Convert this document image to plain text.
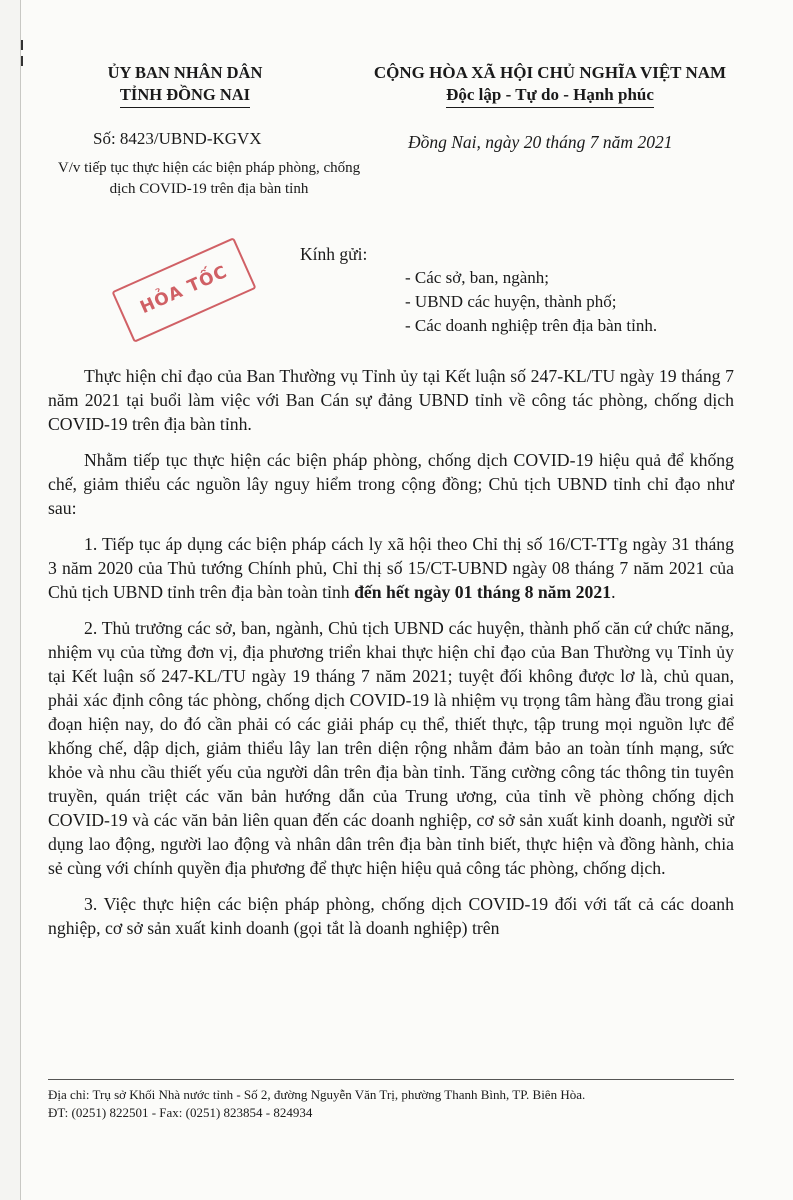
ỦY BAN NHÂN DÂN
TỈNH ĐỒNG NAI
CỘNG HÒA XÃ HỘI CHỦ NGHĨA VIỆT NAM
Độc lập - Tự do - Hạnh phúc
Số: 8423/UBND-KGVX
V/v tiếp tục thực hiện các biện pháp phòng, chống dịch COVID-19 trên địa bàn tỉnh
Đồng Nai, ngày 20 tháng 7 năm 2021
HỎA TỐC
Kính gửi:
- Các sở, ban, ngành;
- UBND các huyện, thành phố;
- Các doanh nghiệp trên địa bàn tỉnh.

Thực hiện chỉ đạo của Ban Thường vụ Tỉnh ủy tại Kết luận số 247-KL/TU ngày 19 tháng 7 năm 2021 tại buổi làm việc với Ban Cán sự đảng UBND tỉnh về công tác phòng, chống dịch COVID-19 trên địa bàn tỉnh.

Nhằm tiếp tục thực hiện các biện pháp phòng, chống dịch COVID-19 hiệu quả để khống chế, giảm thiểu các nguồn lây nguy hiểm trong cộng đồng; Chủ tịch UBND tỉnh chỉ đạo như sau:

1. Tiếp tục áp dụng các biện pháp cách ly xã hội theo Chỉ thị số 16/CT-TTg ngày 31 tháng 3 năm 2020 của Thủ tướng Chính phủ, Chỉ thị số 15/CT-UBND ngày 08 tháng 7 năm 2021 của Chủ tịch UBND tỉnh trên địa bàn toàn tỉnh đến hết ngày 01 tháng 8 năm 2021.

2. Thủ trưởng các sở, ban, ngành, Chủ tịch UBND các huyện, thành phố căn cứ chức năng, nhiệm vụ của từng đơn vị, địa phương triển khai thực hiện chỉ đạo của Ban Thường vụ Tỉnh ủy tại Kết luận số 247-KL/TU ngày 19 tháng 7 năm 2021; tuyệt đối không được lơ là, chủ quan, phải xác định công tác phòng, chống dịch COVID-19 là nhiệm vụ trọng tâm hàng đầu trong giai đoạn hiện nay, do đó cần phải có các giải pháp cụ thể, thiết thực, tập trung mọi nguồn lực để khống chế, dập dịch, giảm thiểu lây lan trên diện rộng nhằm đảm bảo an toàn tính mạng, sức khỏe và nhu cầu thiết yếu của người dân trên địa bàn tỉnh. Tăng cường công tác thông tin tuyên truyền, quán triệt các văn bản hướng dẫn của Trung ương, của tỉnh về phòng chống dịch COVID-19 và các văn bản liên quan đến các doanh nghiệp, cơ sở sản xuất kinh doanh, người sử dụng lao động, người lao động và nhân dân trên địa bàn tỉnh biết, thực hiện và đồng hành, chia sẻ cùng với chính quyền địa phương để thực hiện hiệu quả công tác phòng, chống dịch.

3. Việc thực hiện các biện pháp phòng, chống dịch COVID-19 đối với tất cả các doanh nghiệp, cơ sở sản xuất kinh doanh (gọi tắt là doanh nghiệp) trên

Địa chỉ: Trụ sở Khối Nhà nước tỉnh - Số 2, đường Nguyễn Văn Trị, phường Thanh Bình, TP. Biên Hòa.
ĐT: (0251) 822501 - Fax: (0251) 823854 - 824934
